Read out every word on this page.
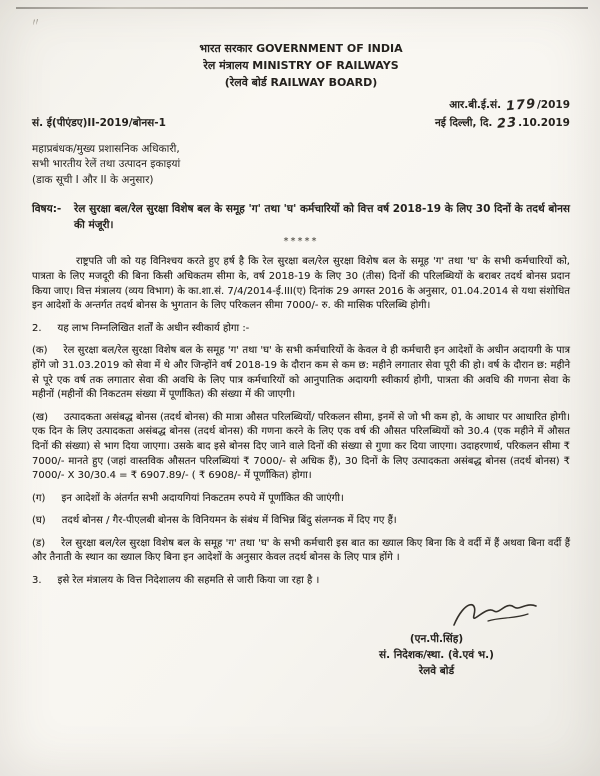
〃
भारत सरकार GOVERNMENT OF INDIA
रेल मंत्रालय MINISTRY OF RAILWAYS
(रेलवे बोर्ड RAILWAY BOARD)
आर.बी.ई.सं. 179/2019
सं. ई(पीएंडए)II-2019/बोनस-1	नई दिल्ली, दि. 23.10.2019
महाप्रबंधक/मुख्य प्रशासनिक अधिकारी,
सभी भारतीय रेलें तथा उत्पादन इकाइयां
(डाक सूची I और II के अनुसार)
विषय:-	रेल सुरक्षा बल/रेल सुरक्षा विशेष बल के समूह 'ग' तथा 'घ' कर्मचारियों को वित्त वर्ष 2018-19 के लिए 30 दिनों के तदर्थ बोनस की मंजूरी।
*****
राष्ट्रपति जी को यह विनिश्चय करते हुए हर्ष है कि रेल सुरक्षा बल/रेल सुरक्षा विशेष बल के समूह 'ग' तथा 'घ' के सभी कर्मचारियों को, पात्रता के लिए मजदूरी की बिना किसी अधिकतम सीमा के, वर्ष 2018-19 के लिए 30 (तीस) दिनों की परिलब्धियों के बराबर तदर्थ बोनस प्रदान किया जाए। वित्त मंत्रालय (व्यय विभाग) के का.शा.सं. 7/4/2014-ई.III(ए) दिनांक 29 अगस्त 2016 के अनुसार, 01.04.2014 से यथा संशोधित इन आदेशों के अन्तर्गत तदर्थ बोनस के भुगतान के लिए परिकलन सीमा 7000/- रु. की मासिक परिलब्धि होगी।
2. यह लाभ निम्नलिखित शर्तों के अधीन स्वीकार्य होगा :-
(क) रेल सुरक्षा बल/रेल सुरक्षा विशेष बल के समूह 'ग' तथा 'घ' के सभी कर्मचारियों के केवल वे ही कर्मचारी इन आदेशों के अधीन अदायगी के पात्र होंगे जो 31.03.2019 को सेवा में थे और जिन्होंने वर्ष 2018-19 के दौरान कम से कम छ: महीने लगातार सेवा पूरी की हो। वर्ष के दौरान छ: महीने से पूरे एक वर्ष तक लगातार सेवा की अवधि के लिए पात्र कर्मचारियों को आनुपातिक अदायगी स्वीकार्य होगी, पात्रता की अवधि की गणना सेवा के महीनों (महीनों की निकटतम संख्या में पूर्णांकित) की संख्या में की जाएगी।
(ख) उत्पादकता असंबद्ध बोनस (तदर्थ बोनस) की मात्रा औसत परिलब्धियों/ परिकलन सीमा, इनमें से जो भी कम हो, के आधार पर आधारित होगी। एक दिन के लिए उत्पादकता असंबद्ध बोनस (तदर्थ बोनस) की गणना करने के लिए एक वर्ष की औसत परिलब्धियों को 30.4 (एक महीने में औसत दिनों की संख्या) से भाग दिया जाएगा। उसके बाद इसे बोनस दिए जाने वाले दिनों की संख्या से गुणा कर दिया जाएगा। उदाहरणार्थ, परिकलन सीमा ₹ 7000/- मानते हुए (जहां वास्तविक औसतन परिलब्धियां ₹ 7000/- से अधिक हैं), 30 दिनों के लिए उत्पादकता असंबद्ध बोनस (तदर्थ बोनस) ₹ 7000/- X 30/30.4 = ₹ 6907.89/- ( ₹ 6908/- में पूर्णांकित) होगा।
(ग) इन आदेशों के अंतर्गत सभी अदायगियां निकटतम रुपये में पूर्णांकित की जाएंगी।
(घ) तदर्थ बोनस / गैर-पीएलबी बोनस के विनियमन के संबंध में विभिन्न बिंदु संलग्नक में दिए गए हैं।
(ड) रेल सुरक्षा बल/रेल सुरक्षा विशेष बल के समूह 'ग' तथा 'घ' के सभी कर्मचारी इस बात का ख्याल किए बिना कि वे वर्दी में हैं अथवा बिना वर्दी हैं और तैनाती के स्थान का ख्याल किए बिना इन आदेशों के अनुसार केवल तदर्थ बोनस के लिए पात्र होंगे ।
3. इसे रेल मंत्रालय के वित्त निदेशालय की सहमति से जारी किया जा रहा है ।
(एन.पी.सिंह)
सं. निदेशक/स्था. (वे.एवं भ.)
रेलवे बोर्ड
